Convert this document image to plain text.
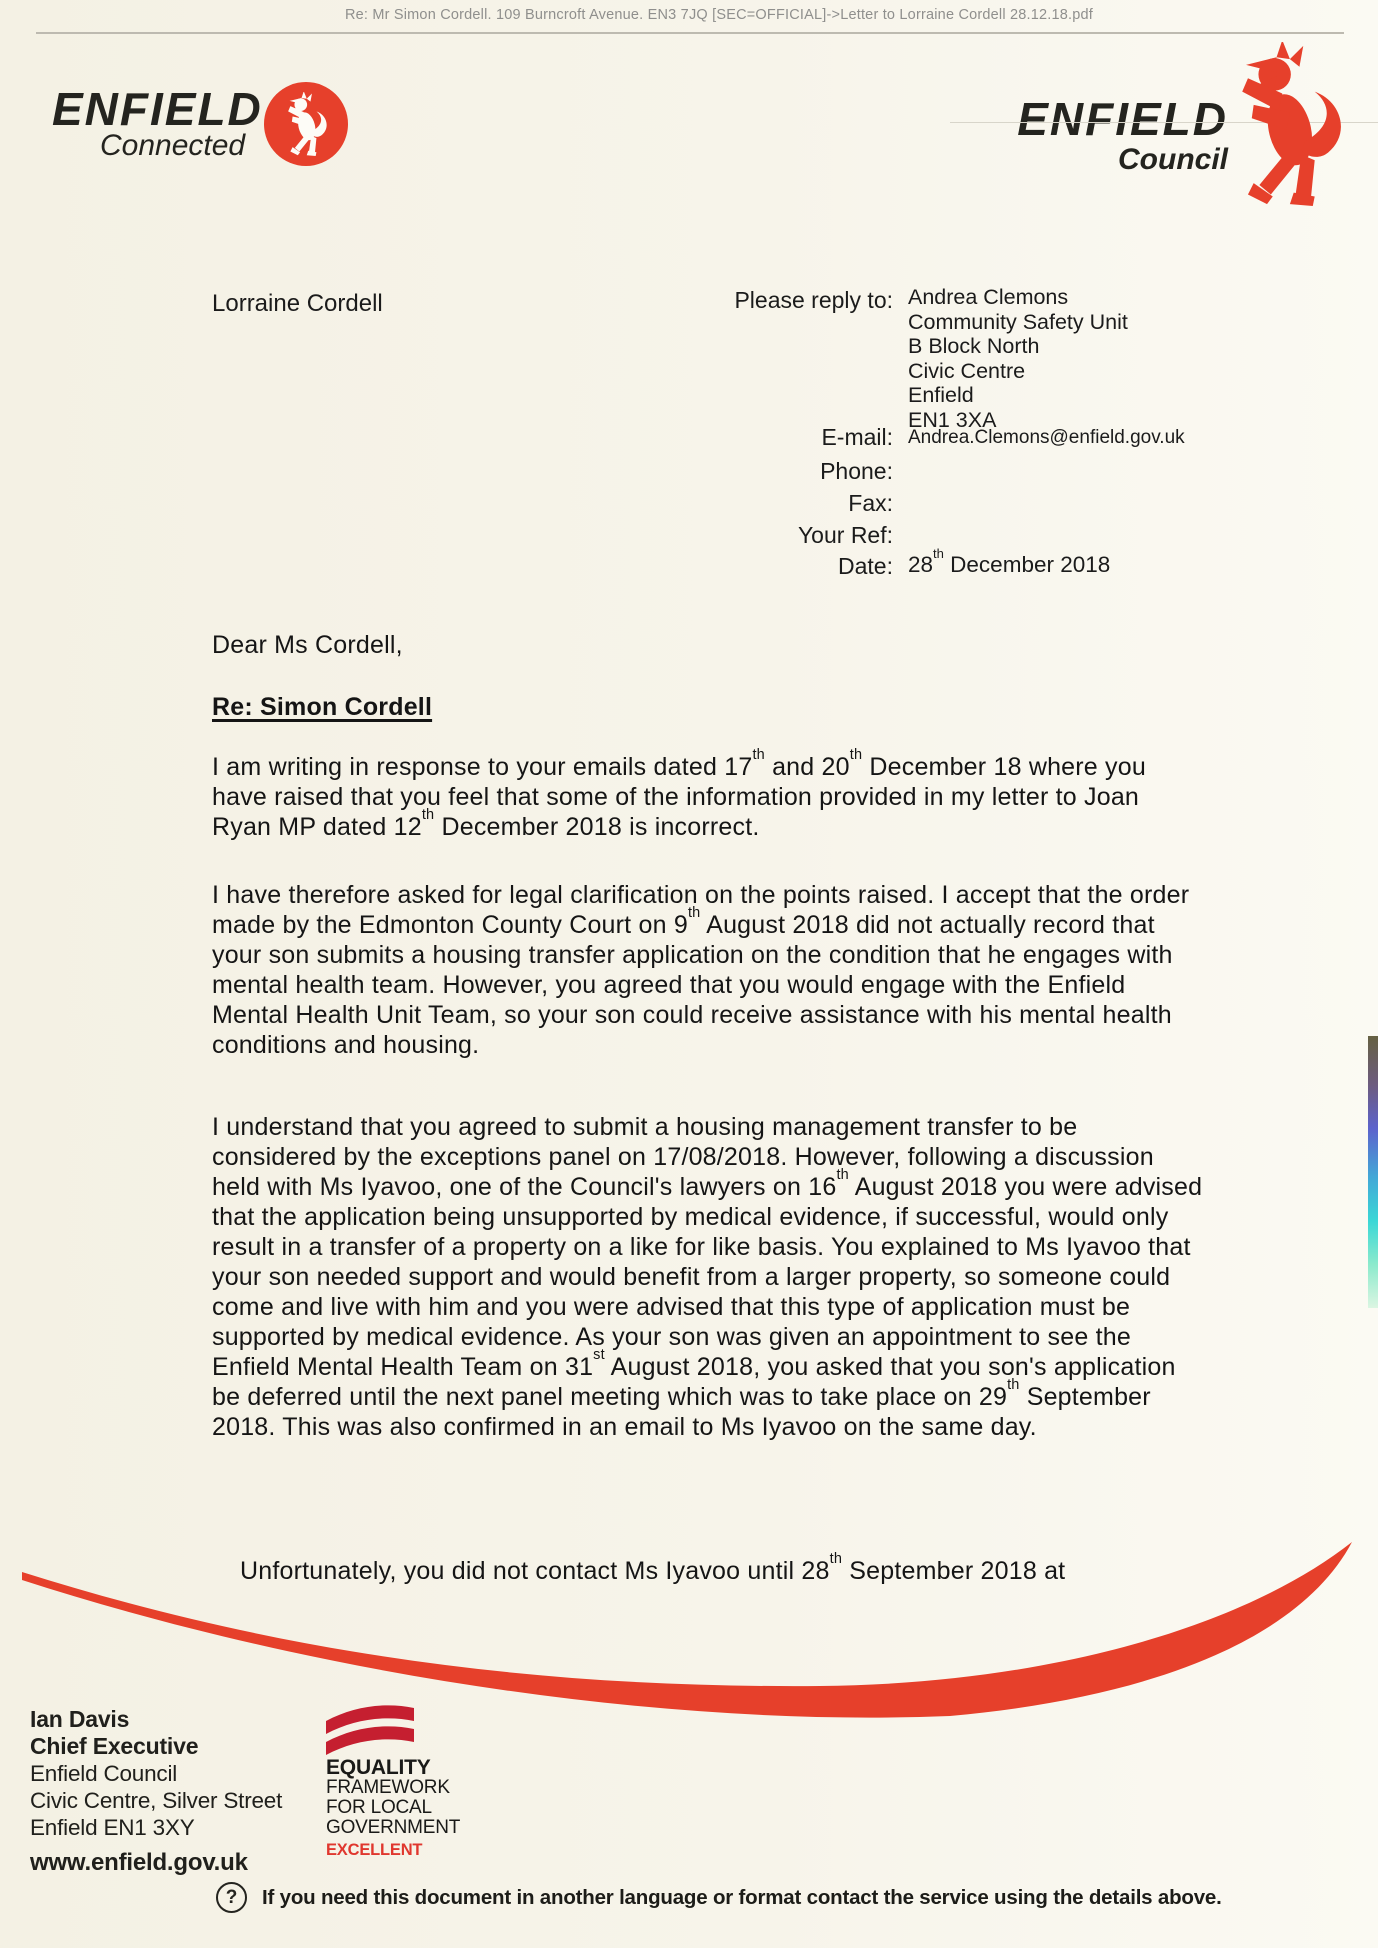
Re: Mr Simon Cordell. 109 Burncroft Avenue. EN3 7JQ [SEC=OFFICIAL]->Letter to Lorraine Cordell 28.12.18.pdf
ENFIELD
Connected
ENFIELD
Council
Lorraine Cordell	Please reply to: Andrea Clemons
Community Safety Unit
B Block North
Civic Centre
Enfield
EN1 3XA
E-mail: Andrea.Clemons@enfield.gov.uk
Phone:
Fax:
Your Ref:
Date: 28th December 2018
Dear Ms Cordell,
Re: Simon Cordell
I am writing in response to your emails dated 17th and 20th December 18 where you have raised that you feel that some of the information provided in my letter to Joan Ryan MP dated 12th December 2018 is incorrect.
I have therefore asked for legal clarification on the points raised. I accept that the order made by the Edmonton County Court on 9th August 2018 did not actually record that your son submits a housing transfer application on the condition that he engages with mental health team. However, you agreed that you would engage with the Enfield Mental Health Unit Team, so your son could receive assistance with his mental health conditions and housing.
I understand that you agreed to submit a housing management transfer to be considered by the exceptions panel on 17/08/2018. However, following a discussion held with Ms Iyavoo, one of the Council's lawyers on 16th August 2018 you were advised that the application being unsupported by medical evidence, if successful, would only result in a transfer of a property on a like for like basis. You explained to Ms Iyavoo that your son needed support and would benefit from a larger property, so someone could come and live with him and you were advised that this type of application must be supported by medical evidence. As your son was given an appointment to see the Enfield Mental Health Team on 31st August 2018, you asked that you son's application be deferred until the next panel meeting which was to take place on 29th September 2018. This was also confirmed in an email to Ms Iyavoo on the same day.
Unfortunately, you did not contact Ms Iyavoo until 28th September 2018 at
Ian Davis
Chief Executive
Enfield Council
Civic Centre, Silver Street
Enfield EN1 3XY
www.enfield.gov.uk
EQUALITY
FRAMEWORK
FOR LOCAL
GOVERNMENT
EXCELLENT
?	If you need this document in another language or format contact the service using the details above.
